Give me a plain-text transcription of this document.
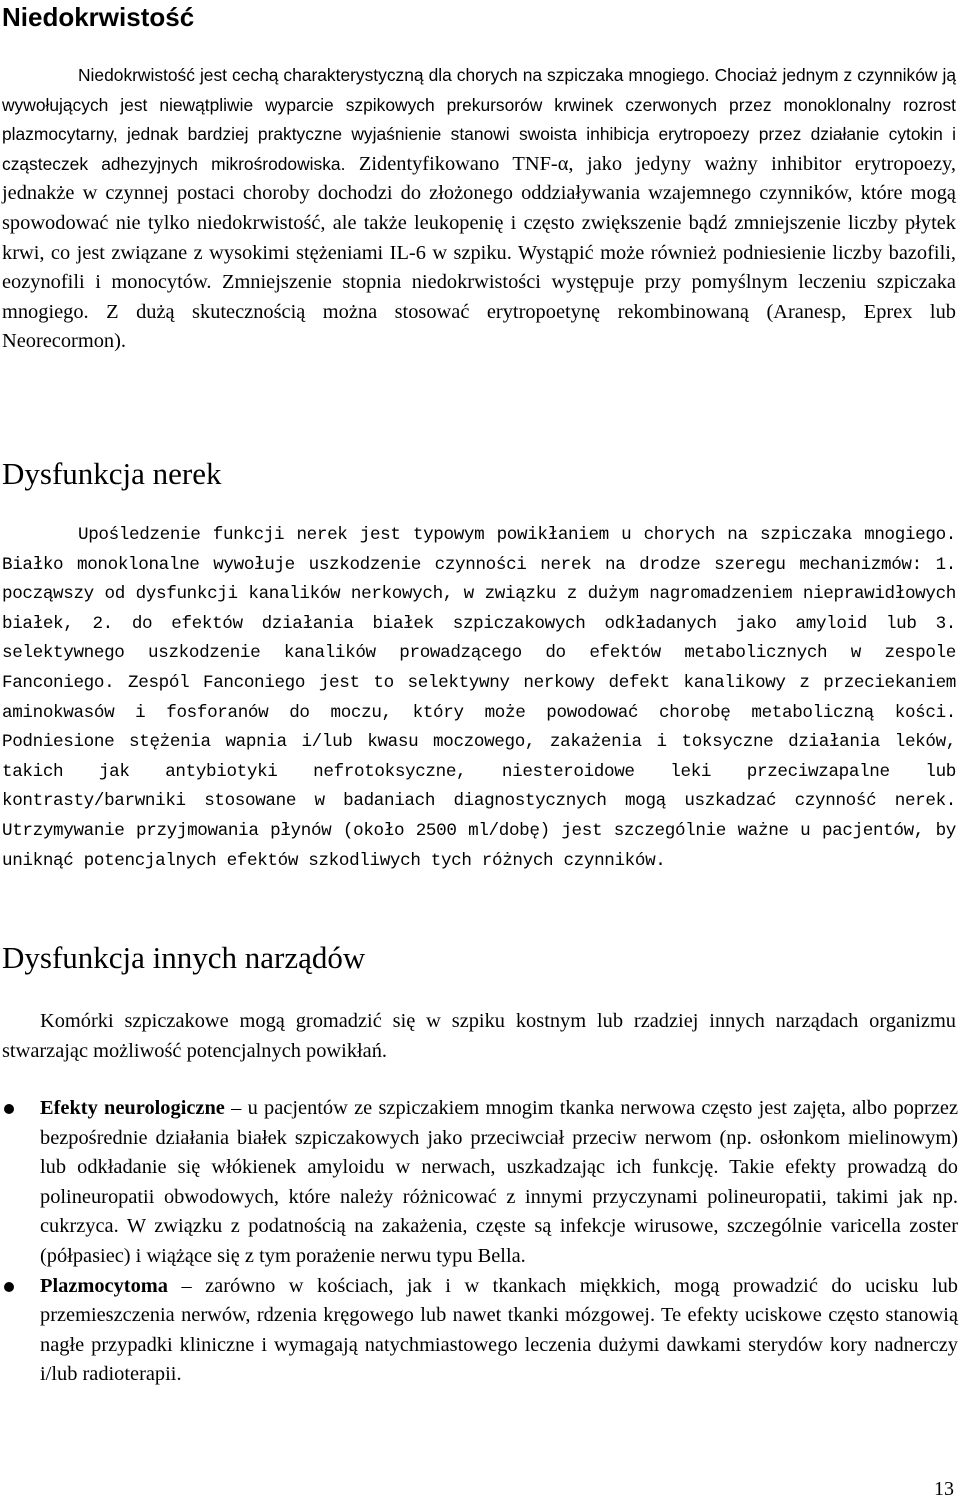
Niedokrwistość

Niedokrwistość jest cechą charakterystyczną dla chorych na szpiczaka mnogiego. Chociaż jednym z czynników ją wywołujących jest niewątpliwie wyparcie szpikowych prekursorów krwinek czerwonych przez monoklonalny rozrost plazmocytarny, jednak bardziej praktyczne wyjaśnienie stanowi swoista inhibicja erytropoezy przez działanie cytokin i cząsteczek adhezyjnych mikrośrodowiska. Zidentyfikowano TNF-α, jako jedyny ważny inhibitor erytropoezy, jednakże w czynnej postaci choroby dochodzi do złożonego oddziaływania wzajemnego czynników, które mogą spowodować nie tylko niedokrwistość, ale także leukopenię i często zwiększenie bądź zmniejszenie liczby płytek krwi, co jest związane z wysokimi stężeniami IL-6 w szpiku. Wystąpić może również podniesienie liczby bazofili, eozynofili i monocytów. Zmniejszenie stopnia niedokrwistości występuje przy pomyślnym leczeniu szpiczaka mnogiego. Z dużą skutecznością można stosować erytropoetynę rekombinowaną (Aranesp, Eprex lub Neorecormon).

Dysfunkcja nerek

Upośledzenie funkcji nerek jest typowym powikłaniem u chorych na szpiczaka mnogiego. Białko monoklonalne wywołuje uszkodzenie czynności nerek na drodze szeregu mechanizmów: 1. począwszy od dysfunkcji kanalików nerkowych, w związku z dużym nagromadzeniem nieprawidłowych białek, 2. do efektów działania białek szpiczakowych odkładanych jako amyloid lub 3. selektywnego uszkodzenie kanalików prowadzącego do efektów metabolicznych w zespole Fanconiego. Zespól Fanconiego jest to selektywny nerkowy defekt kanalikowy z przeciekaniem aminokwasów i fosforanów do moczu, który może powodować chorobę metaboliczną kości. Podniesione stężenia wapnia i/lub kwasu moczowego, zakażenia i toksyczne działania leków, takich jak antybiotyki nefrotoksyczne, niesteroidowe leki przeciwzapalne lub kontrasty/barwniki stosowane w badaniach diagnostycznych mogą uszkadzać czynność nerek. Utrzymywanie przyjmowania płynów (około 2500 ml/dobę) jest szczególnie ważne u pacjentów, by uniknąć potencjalnych efektów szkodliwych tych różnych czynników.

Dysfunkcja innych narządów

Komórki szpiczakowe mogą gromadzić się w szpiku kostnym lub rzadziej innych narządach organizmu stwarzając możliwość potencjalnych powikłań.

Efekty neurologiczne – u pacjentów ze szpiczakiem mnogim tkanka nerwowa często jest zajęta, albo poprzez bezpośrednie działania białek szpiczakowych jako przeciwciał przeciw nerwom (np. osłonkom mielinowym) lub odkładanie się włókienek amyloidu w nerwach, uszkadzając ich funkcję. Takie efekty prowadzą do polineuropatii obwodowych, które należy różnicować z innymi przyczynami polineuropatii, takimi jak np. cukrzyca. W związku z podatnością na zakażenia, częste są infekcje wirusowe, szczególnie varicella zoster (półpasiec) i wiążące się z tym porażenie nerwu typu Bella.
Plazmocytoma – zarówno w kościach, jak i w tkankach miękkich, mogą prowadzić do ucisku lub przemieszczenia nerwów, rdzenia kręgowego lub nawet tkanki mózgowej. Te efekty uciskowe często stanowią nagłe przypadki kliniczne i wymagają natychmiastowego leczenia dużymi dawkami sterydów kory nadnerczy i/lub radioterapii.
13
